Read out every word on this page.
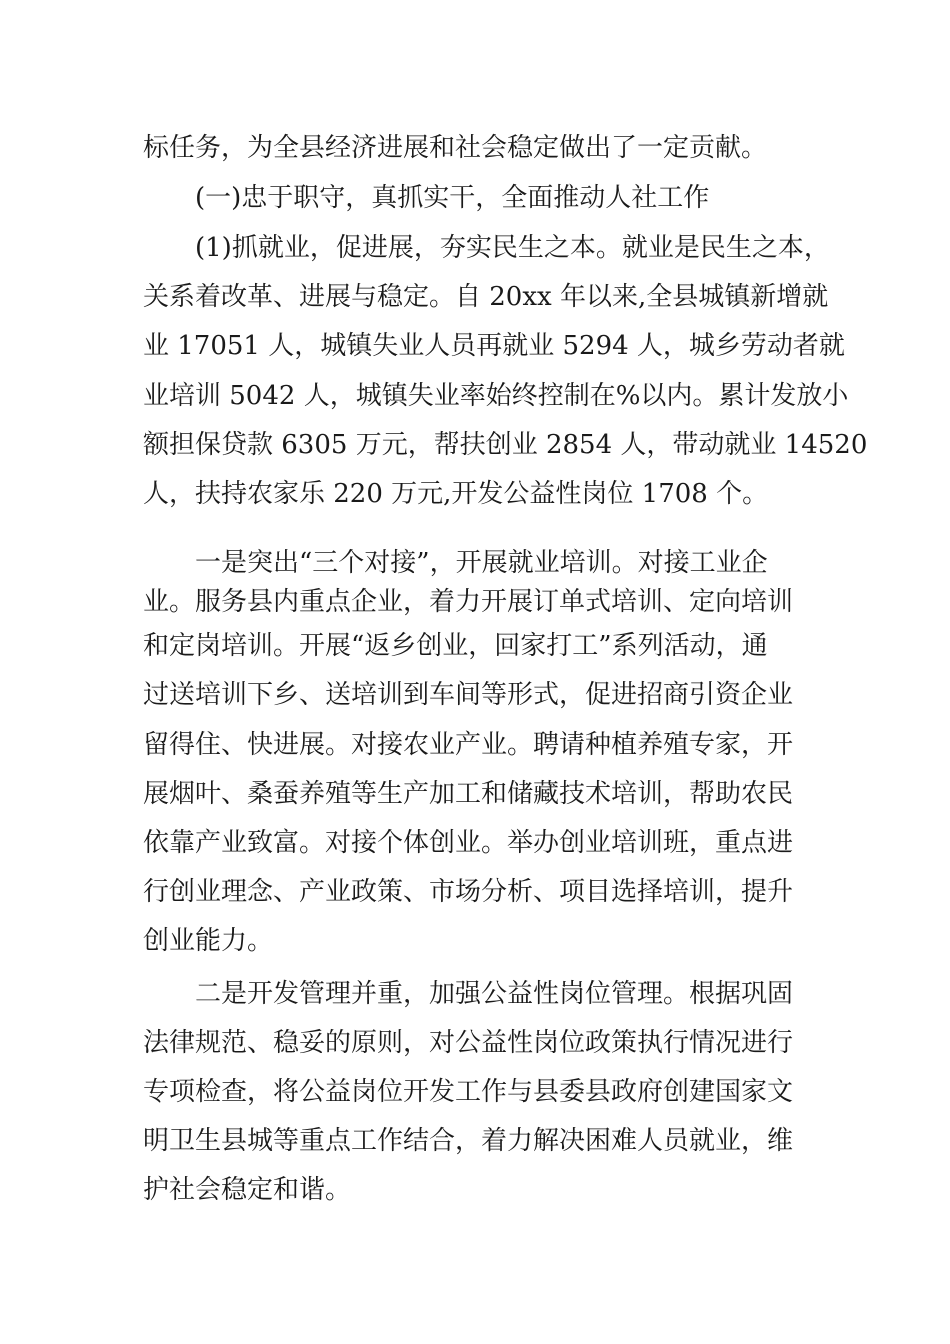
标任务，为全县经济进展和社会稳定做出了一定贡献。
　　(一)忠于职守，真抓实干，全面推动人社工作
　　(1)抓就业，促进展，夯实民生之本。就业是民生之本，
关系着改革、进展与稳定。自 20xx 年以来,全县城镇新增就
业 17051 人，城镇失业人员再就业 5294 人，城乡劳动者就
业培训 5042 人，城镇失业率始终控制在%以内。累计发放小
额担保贷款 6305 万元，帮扶创业 2854 人，带动就业 14520
人，扶持农家乐 220 万元,开发公益性岗位 1708 个。
　　一是突出“三个对接”，开展就业培训。对接工业企
业。服务县内重点企业，着力开展订单式培训、定向培训
和定岗培训。开展“返乡创业，回家打工”系列活动，通
过送培训下乡、送培训到车间等形式，促进招商引资企业
留得住、快进展。对接农业产业。聘请种植养殖专家，开
展烟叶、桑蚕养殖等生产加工和储藏技术培训，帮助农民
依靠产业致富。对接个体创业。举办创业培训班，重点进
行创业理念、产业政策、市场分析、项目选择培训，提升
创业能力。
　　二是开发管理并重，加强公益性岗位管理。根据巩固
法律规范、稳妥的原则，对公益性岗位政策执行情况进行
专项检查，将公益岗位开发工作与县委县政府创建国家文
明卫生县城等重点工作结合，着力解决困难人员就业，维
护社会稳定和谐。
